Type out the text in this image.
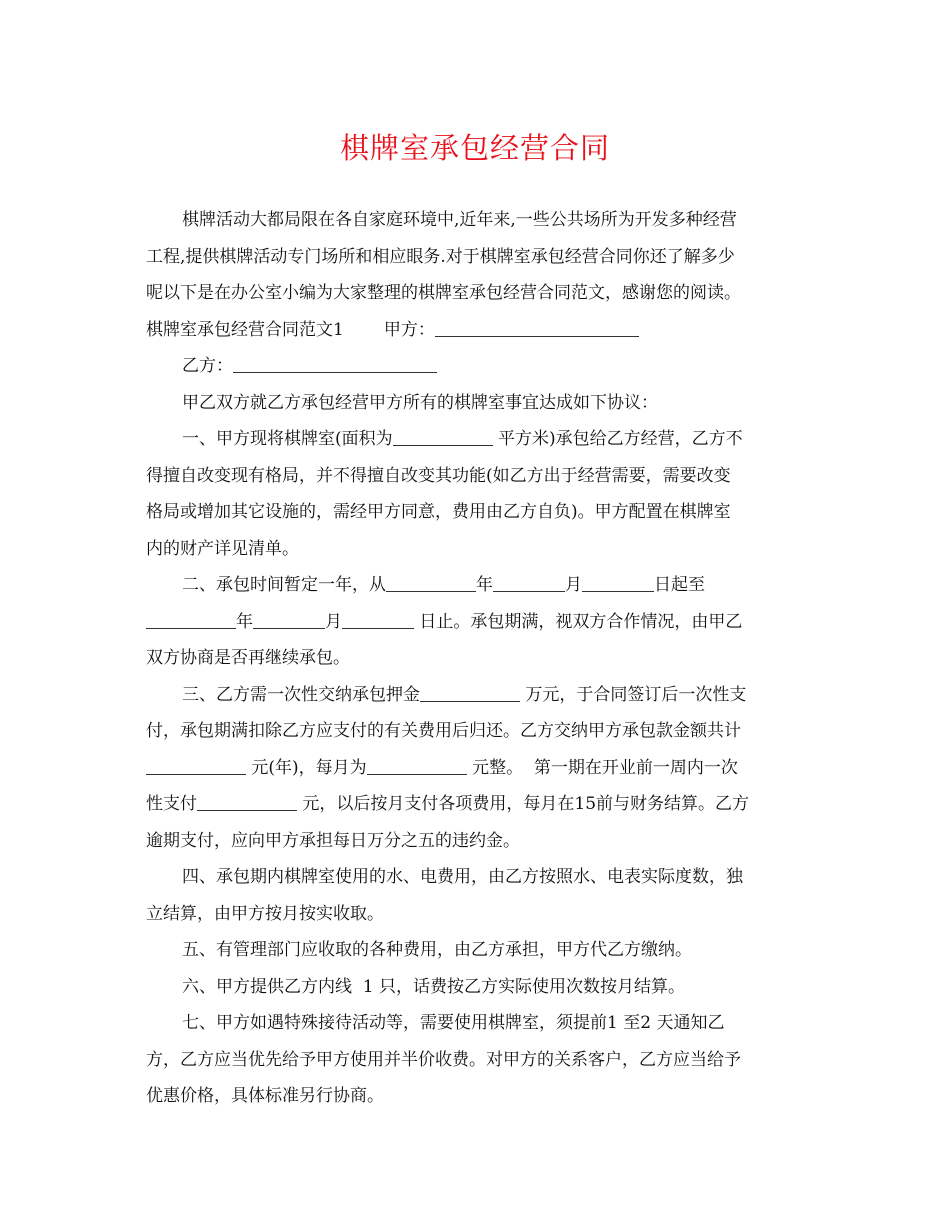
棋牌室承包经营合同
棋牌活动大都局限在各自家庭环境中,近年来,一些公共场所为开发多种经营
工程,提供棋牌活动专门场所和相应眼务.对于棋牌室承包经营合同你还了解多少
呢以下是在办公室小编为大家整理的棋牌室承包经营合同范文，感谢您的阅读。
棋牌室承包经营合同范文1 甲方：
乙方：
甲乙双方就乙方承包经营甲方所有的棋牌室事宜达成如下协议：
一、甲方现将棋牌室(面积为	平方米)承包给乙方经营，乙方不
得擅自改变现有格局，并不得擅自改变其功能(如乙方出于经营需要，需要改变
格局或增加其它设施的，需经甲方同意，费用由乙方自负)。甲方配置在棋牌室
内的财产详见清单。
二、承包时间暂定一年，从	年	月	日起至
年	月	日止。承包期满，视双方合作情况，由甲乙
双方协商是否再继续承包。
三、乙方需一次性交纳承包押金	万元，于合同签订后一次性支
付，承包期满扣除乙方应支付的有关费用后归还。乙方交纳甲方承包款金额共计
元(年)，每月为	元整。  第一期在开业前一周内一次
性支付	元，以后按月支付各项费用，每月在15前与财务结算。乙方
逾期支付，应向甲方承担每日万分之五的违约金。
四、承包期内棋牌室使用的水、电费用，由乙方按照水、电表实际度数，独
立结算，由甲方按月按实收取。
五、有管理部门应收取的各种费用，由乙方承担，甲方代乙方缴纳。
六、甲方提供乙方内线  1 只，话费按乙方实际使用次数按月结算。
七、甲方如遇特殊接待活动等，需要使用棋牌室，须提前1 至2 天通知乙
方，乙方应当优先给予甲方使用并半价收费。对甲方的关系客户，乙方应当给予
优惠价格，具体标准另行协商。
